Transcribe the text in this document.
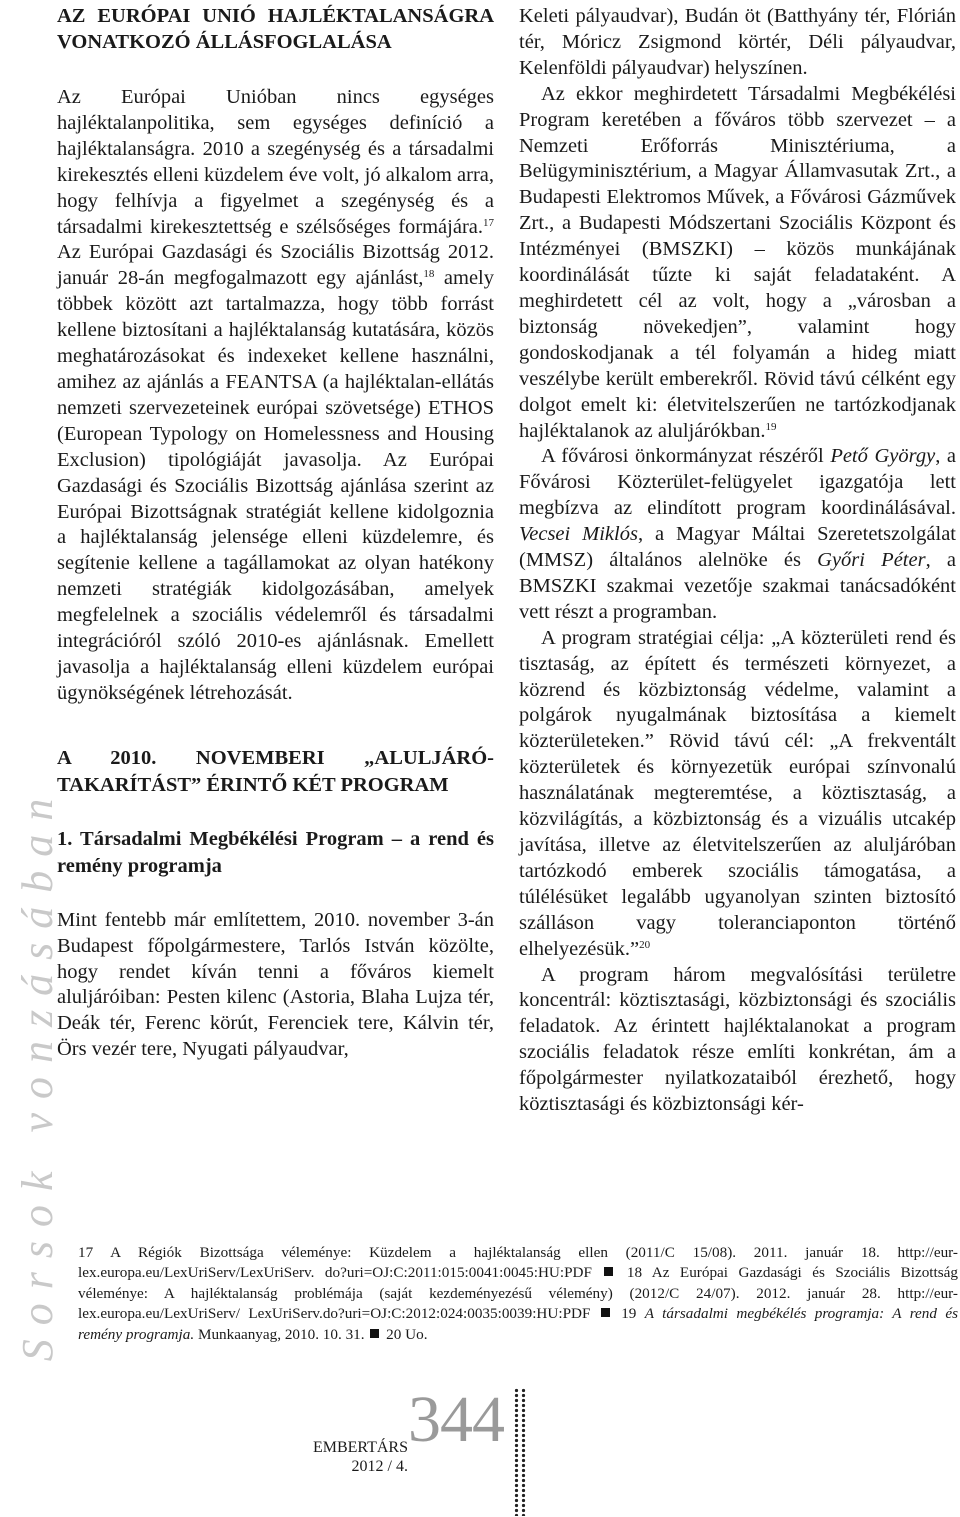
Sorsok vonzásában
AZ EURÓPAI UNIÓ HAJLÉKTALANSÁGRA VONATKOZÓ ÁLLÁSFOGLALÁSA

Az Európai Unióban nincs egységes hajléktalanpolitika, sem egységes definíció a hajléktalanságra. 2010 a szegénység és a társadalmi kirekesztés elleni küzdelem éve volt, jó alkalom arra, hogy felhívja a figyelmet a szegénység és a társadalmi kirekesztettség e szélsőséges formájára.$^{17}$ Az Európai Gazdasági és Szociális Bizottság 2012. január 28-án megfogalmazott egy ajánlást,$^{18}$ amely többek között azt tartalmazza, hogy több forrást kellene biztosítani a hajléktalanság kutatására, közös meghatározásokat és indexeket kellene használni, amihez az ajánlás a FEANTSA (a hajléktalan-ellátás nemzeti szervezeteinek európai szövetsége) ETHOS (European Typology on Homelessness and Housing Exclusion) tipológiáját javasolja. Az Európai Gazdasági és Szociális Bizottság ajánlása szerint az Európai Bizottságnak stratégiát kellene kidolgoznia a hajléktalanság jelensége elleni küzdelemre, és segítenie kellene a tagállamokat az olyan hatékony nemzeti stratégiák kidolgozásában, amelyek megfelelnek a szociális védelemről és társadalmi integrációról szóló 2010-es ajánlásnak. Emellett javasolja a hajléktalanság elleni küzdelem európai ügynökségének létrehozását.

A 2010. NOVEMBERI „ALULJÁRÓ-TAKARÍTÁST” ÉRINTŐ KÉT PROGRAM
1. Társadalmi Megbékélési Program – a rend és remény programja

Mint fentebb már említettem, 2010. november 3-án Budapest főpolgármestere, Tarlós István közölte, hogy rendet kíván tenni a főváros kiemelt aluljáróiban: Pesten kilenc (Astoria, Blaha Lujza tér, Deák tér, Ferenc körút, Ferenciek tere, Kálvin tér, Örs vezér tere, Nyugati pályaudvar,

Keleti pályaudvar), Budán öt (Batthyány tér, Flórián tér, Móricz Zsigmond körtér, Déli pályaudvar, Kelenföldi pályaudvar) helyszínen.

Az ekkor meghirdetett Társadalmi Megbékélési Program keretében a főváros több szervezet – a Nemzeti Erőforrás Minisztériuma, a Belügyminisztérium, a Magyar Államvasutak Zrt., a Budapesti Elektromos Művek, a Fővárosi Gázművek Zrt., a Budapesti Módszertani Szociális Központ és Intézményei (BMSZKI) – közös munkájának koordinálását tűzte ki saját feladataként. A meghirdetett cél az volt, hogy a „városban a biztonság növekedjen”, valamint hogy gondoskodjanak a tél folyamán a hideg miatt veszélybe került emberekről. Rövid távú célként egy dolgot emelt ki: életvitelszerűen ne tartózkodjanak hajléktalanok az aluljárókban.$^{19}$

A fővárosi önkormányzat részéről Pető György, a Fővárosi Közterület-felügyelet igazgatója lett megbízva az elindított program koordinálásával. Vecsei Miklós, a Magyar Máltai Szeretetszolgálat (MMSZ) általános alelnöke és Győri Péter, a BMSZKI szakmai vezetője szakmai tanácsadóként vett részt a programban.

A program stratégiai célja: „A közterületi rend és tisztaság, az épített és természeti környezet, a közrend és közbiztonság védelme, valamint a polgárok nyugalmának biztosítása a kiemelt közterületeken.” Rövid távú cél: „A frekventált közterületek és környezetük európai színvonalú használatának megteremtése, a köztisztaság, a közvilágítás, a közbiztonság és a vizuális utcakép javítása, illetve az életvitelszerűen az aluljáróban tartózkodó emberek szociális támogatása, a túlélésüket legalább ugyanolyan szinten biztosító szálláson vagy toleranciaponton történő elhelyezésük.”$^{20}$

A program három megvalósítási területre koncentrál: köztisztasági, közbiztonsági és szociális feladatok. Az érintett hajléktalanokat a program szociális feladatok része említi konkrétan, ám a főpolgármester nyilatkozataiból érezhető, hogy köztisztasági és közbiztonsági kér-

17 A Régiók Bizottsága véleménye: Küzdelem a hajléktalanság ellen (2011/C 15/08). 2011. január 18. http://eur-lex.europa.eu/LexUriServ/LexUriServ. do?uri=OJ:C:2011:015:0041:0045:HU:PDF  18 Az Európai Gazdasági és Szociális Bizottság véleménye: A hajléktalanság problémája (saját kezdeményezésű vélemény) (2012/C 24/07). 2012. január 28. http://eur-lex.europa.eu/LexUriServ/ LexUriServ.do?uri=OJ:C:2012:024:0035:0039:HU:PDF  19 A társadalmi megbékélés programja: A rend és remény programja. Munkaanyag, 2010. 10. 31.  20 Uo.
EMBERTÁRS
2012 / 4.
344
